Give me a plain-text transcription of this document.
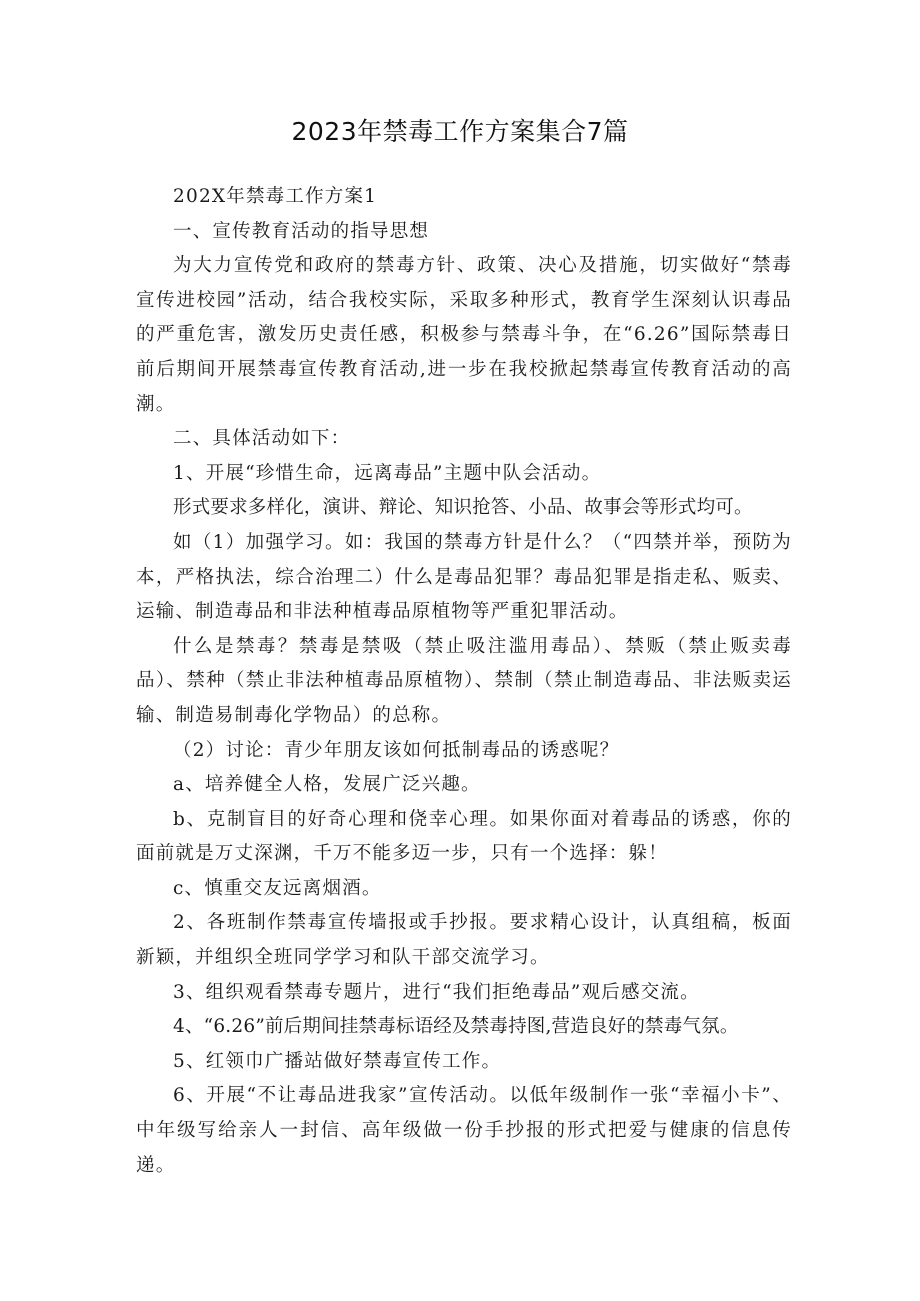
2023年禁毒工作方案集合7篇

202X年禁毒工作方案1

一、宣传教育活动的指导思想

为大力宣传党和政府的禁毒方针、政策、决心及措施，切实做好“禁毒宣传进校园”活动，结合我校实际，采取多种形式，教育学生深刻认识毒品的严重危害，激发历史责任感，积极参与禁毒斗争，在“6.26”国际禁毒日前后期间开展禁毒宣传教育活动,进一步在我校掀起禁毒宣传教育活动的高潮。

二、具体活动如下：

1、开展“珍惜生命，远离毒品”主题中队会活动。

形式要求多样化，演讲、辩论、知识抢答、小品、故事会等形式均可。

如（1）加强学习。如：我国的禁毒方针是什么？（“四禁并举，预防为本，严格执法，综合治理二）什么是毒品犯罪？毒品犯罪是指走私、贩卖、运输、制造毒品和非法种植毒品原植物等严重犯罪活动。

什么是禁毒？禁毒是禁吸（禁止吸注滥用毒品）、禁贩（禁止贩卖毒品）、禁种（禁止非法种植毒品原植物）、禁制（禁止制造毒品、非法贩卖运输、制造易制毒化学物品）的总称。

（2）讨论：青少年朋友该如何抵制毒品的诱惑呢？

a、培养健全人格，发展广泛兴趣。

b、克制盲目的好奇心理和侥幸心理。如果你面对着毒品的诱惑，你的面前就是万丈深渊，千万不能多迈一步，只有一个选择：躲！

c、慎重交友远离烟酒。

2、各班制作禁毒宣传墙报或手抄报。要求精心设计，认真组稿，板面新颖，并组织全班同学学习和队干部交流学习。

3、组织观看禁毒专题片，进行“我们拒绝毒品”观后感交流。

4、“6.26”前后期间挂禁毒标语经及禁毒持图,营造良好的禁毒气氛。

5、红领巾广播站做好禁毒宣传工作。

6、开展“不让毒品进我家”宣传活动。以低年级制作一张“幸福小卡”、中年级写给亲人一封信、高年级做一份手抄报的形式把爱与健康的信息传递。
